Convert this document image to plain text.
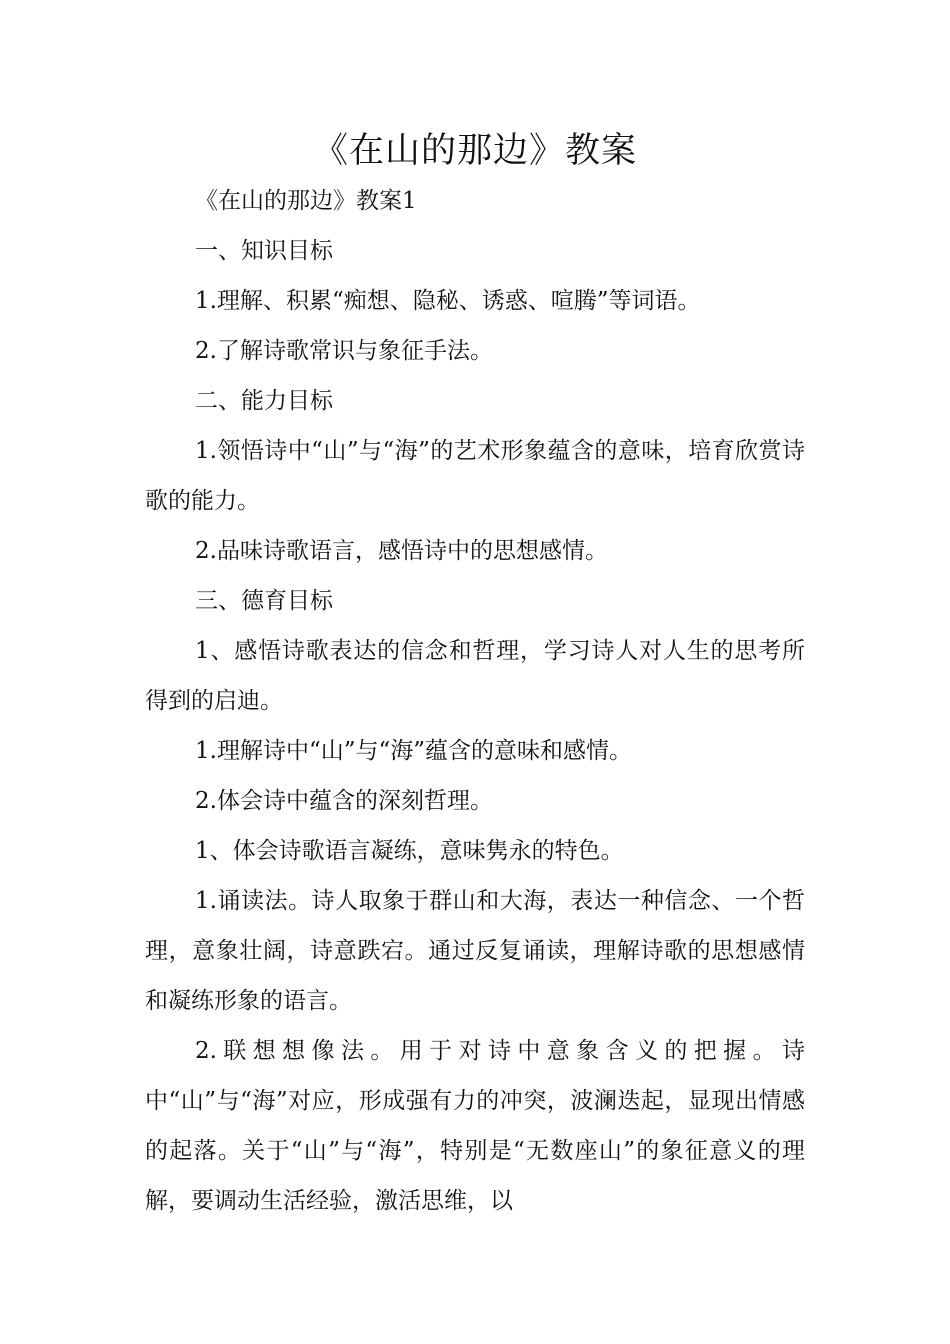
《在山的那边》教案

《在山的那边》教案1

一、知识目标

1.理解、积累“痴想、隐秘、诱惑、喧腾”等词语。

2.了解诗歌常识与象征手法。

二、能力目标

1.领悟诗中“山”与“海”的艺术形象蕴含的意味，培育欣赏诗歌的能力。

2.品味诗歌语言，感悟诗中的思想感情。

三、德育目标

1、感悟诗歌表达的信念和哲理，学习诗人对人生的思考所得到的启迪。

1.理解诗中“山”与“海”蕴含的意味和感情。

2.体会诗中蕴含的深刻哲理。

1、体会诗歌语言凝练，意味隽永的特色。

1.诵读法。诗人取象于群山和大海，表达一种信念、一个哲理，意象壮阔，诗意跌宕。通过反复诵读，理解诗歌的思想感情和凝练形象的语言。

2.联想想像法。用于对诗中意象含义的把握。诗中“山”与“海”对应，形成强有力的冲突，波澜迭起，显现出情感的起落。关于“山”与“海”，特别是“无数座山”的象征意义的理解，要调动生活经验，激活思维，以
